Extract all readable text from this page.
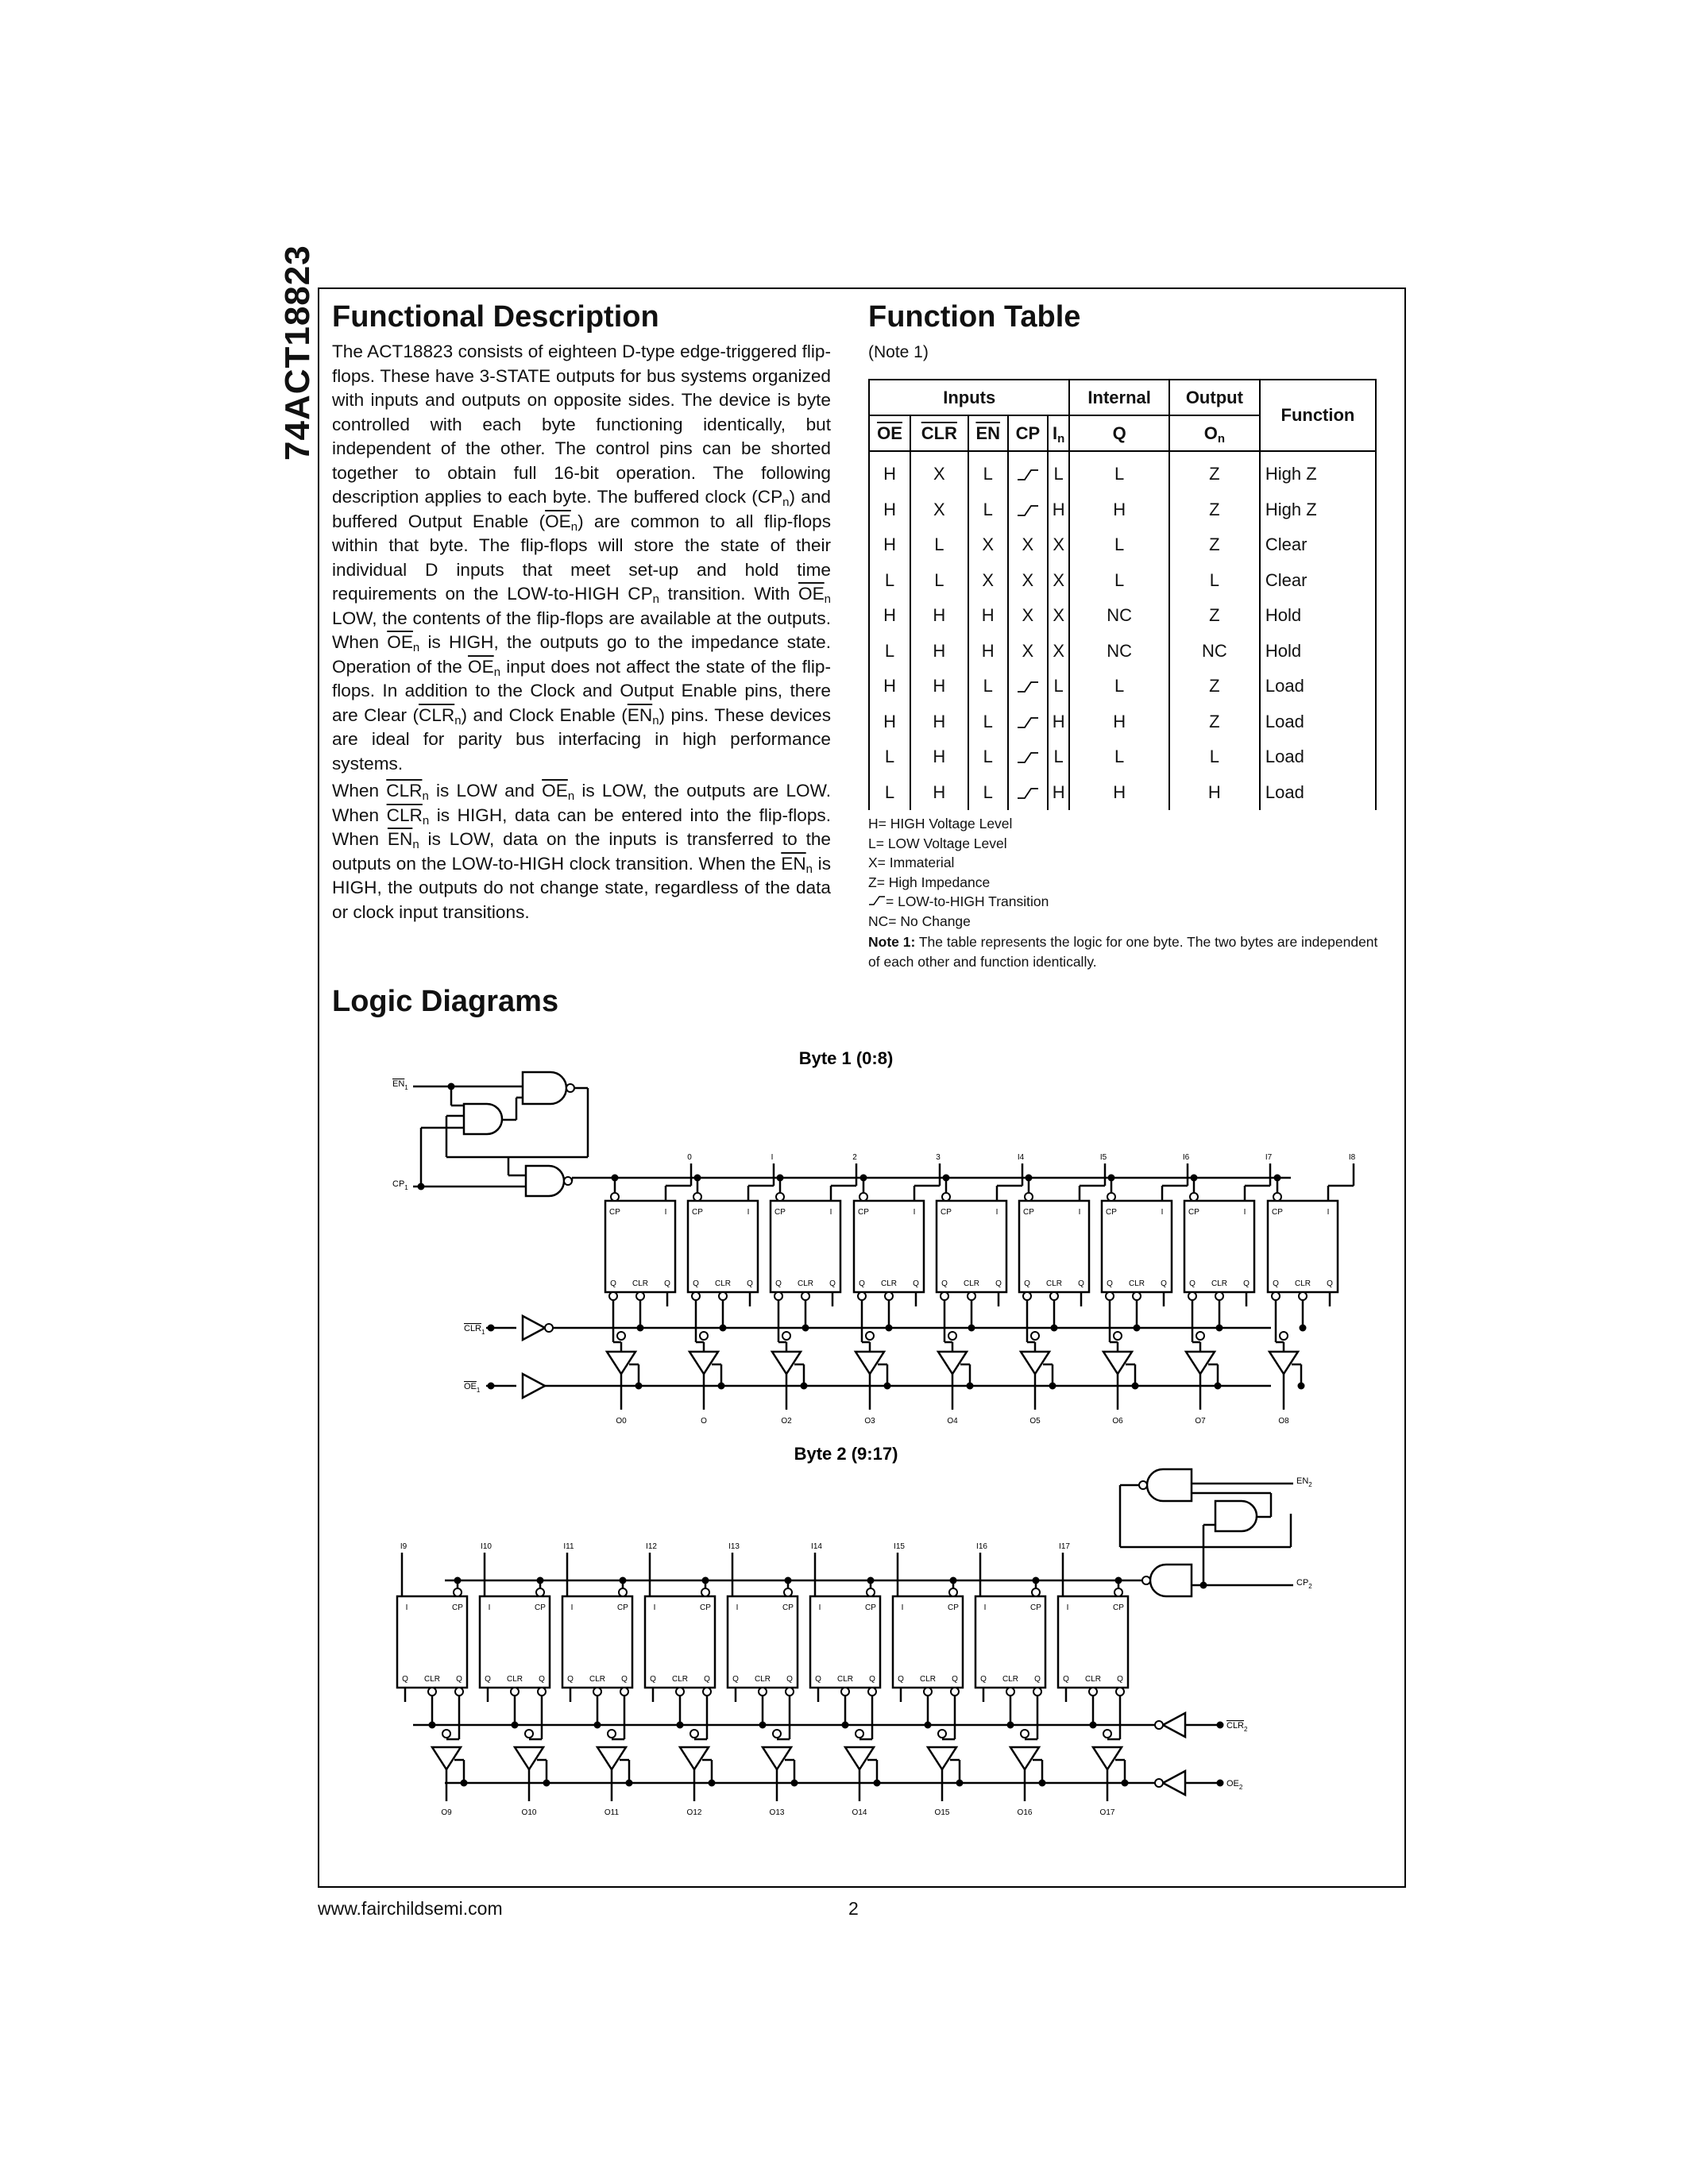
74ACT18823 Functional Description

The ACT18823 consists of eighteen D-type edge-triggered flip-flops. These have 3-STATE outputs for bus systems organized with inputs and outputs on opposite sides. The device is byte controlled with each byte functioning identically, but independent of the other. The control pins can be shorted together to obtain full 16-bit operation. The following description applies to each byte. The buffered clock $(CP_n)$ and buffered Output Enable $(\overline{OE}_n)$ are common to all flip-flops within that byte. The flip-flops will store the state of their individual D inputs that meet set-up and hold time requirements on the LOW-to-HIGH $CP_n$ transition. With $\overline{OE}_n$ LOW, the contents of the flip-flops are available at the outputs. When $\overline{OE}_n$ is HIGH, the outputs go to the impedance state. Operation of the $\overline{OE}_n$ input does not affect the state of the flip-flops. In addition to the Clock and Output Enable pins, there are Clear $(\overline{CLR}_n)$ and Clock Enable $(\overline{EN}_n)$ pins. These devices are ideal for parity bus interfacing in high performance systems.

When $\overline{CLR}_n$ is LOW and $\overline{OE}_n$ is LOW, the outputs are LOW. When $\overline{CLR}_n$ is HIGH, data can be entered into the flip-flops. When $\overline{EN}_n$ is LOW, data on the inputs is transferred to the outputs on the LOW-to-HIGH clock transition. When the $\overline{EN}_n$ is HIGH, the outputs do not change state, regardless of the data or clock input transitions.

Function Table
(Note 1)
Inputs					Internal	Output	Function
$\overline{OE}$	$\overline{CLR}$	$\overline{EN}$	CP	$I_n$	Q	$O_n$
H	X	L		L	L	Z	High Z
H	X	L		H	H	Z	High Z
H	L	X	X	X	L	Z	Clear
L	L	X	X	X	L	L	Clear
H	H	H	X	X	NC	Z	Hold
L	H	H	X	X	NC	NC	Hold
H	H	L		L	L	Z	Load
H	H	L		H	H	Z	Load
L	H	L		L	L	L	Load
L	H	L		H	H	H	Load
H= HIGH Voltage Level
L= LOW Voltage Level
X= Immaterial
Z= High Impedance
= LOW-to-HIGH Transition
NC= No Change
Note 1: The table represents the logic for one byte. The two bytes are independent of each other and function identically.
Logic Diagrams
Byte 1 (0:8)
Byte 2 (9:17)
$EN_1$
$CP_1$
$CLR_1$
$OE_1$
CP	I
Q CLR Q
0
O0
CP	I
Q CLR Q
I
O
CP	I
Q CLR Q
2
O2
CP	I
Q CLR Q
3
O3
CP	I
Q CLR Q
I4
O4
CP	I
Q CLR Q
I5
O5
CP	I
Q CLR Q
I6
O6
CP	I
Q CLR Q
I7
O7
CP	I
Q CLR Q
I8
O8
$EN_2$
$CP_2$
$CLR_2$
$OE_2$
I	CP
Q CLR Q
I9
O9
I	CP
Q CLR Q
I10
O10
I	CP
Q CLR Q
I11
O11
I	CP
Q CLR Q
I12
O12
I	CP
Q CLR Q
I13
O13
I	CP
Q CLR Q
I14
O14
I	CP
Q CLR Q
I15
O15
I	CP
Q CLR Q
I16
O16
I	CP
Q CLR Q
I17
O17
www.fairchildsemi.com	2
